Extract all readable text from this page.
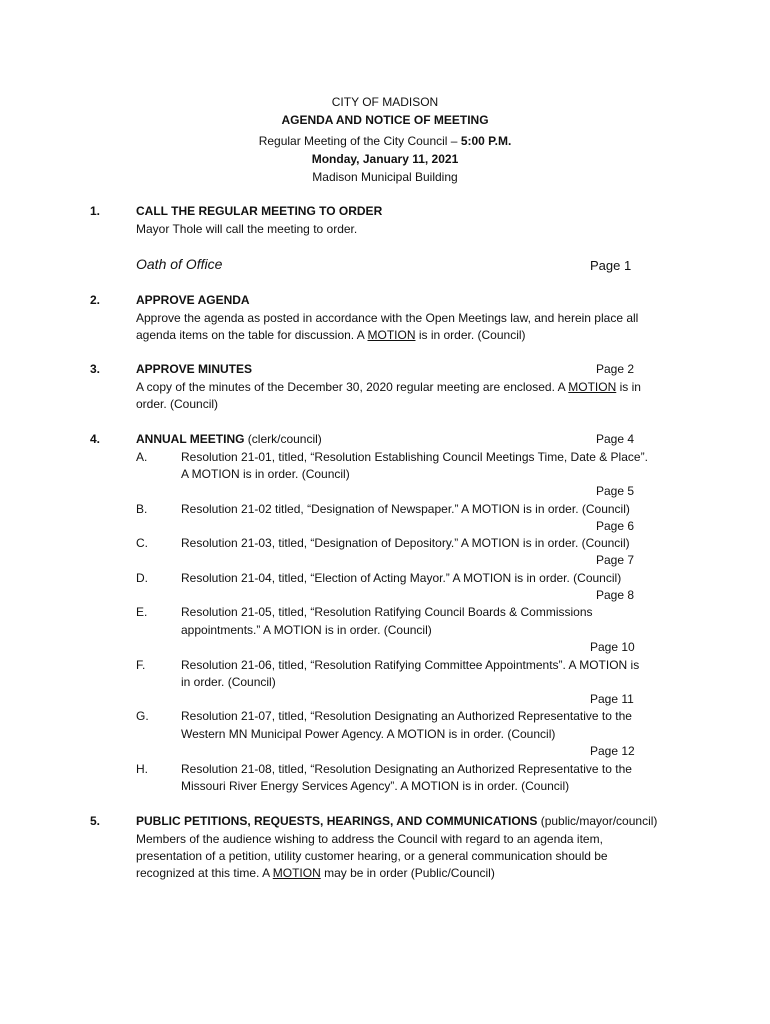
CITY OF MADISON
AGENDA AND NOTICE OF MEETING
Regular Meeting of the City Council – 5:00 P.M.
Monday, January 11, 2021
Madison Municipal Building
1.	CALL THE REGULAR MEETING TO ORDER
Mayor Thole will call the meeting to order.
Oath of Office	Page 1
2.	APPROVE AGENDA
Approve the agenda as posted in accordance with the Open Meetings law, and herein place all
agenda items on the table for discussion. A MOTION is in order. (Council)
3.	APPROVE MINUTES	Page 2
A copy of the minutes of the December 30, 2020 regular meeting are enclosed. A MOTION is in
order. (Council)
4.	ANNUAL MEETING (clerk/council)	Page 4
A.	Resolution 21-01, titled, “Resolution Establishing Council Meetings Time, Date & Place”.
A MOTION is in order. (Council)
Page 5
B.	Resolution 21-02 titled, “Designation of Newspaper.” A MOTION is in order. (Council)
Page 6
C.	Resolution 21-03, titled, “Designation of Depository.” A MOTION is in order. (Council)
Page 7
D.	Resolution 21-04, titled, “Election of Acting Mayor.” A MOTION is in order. (Council)
Page 8
E.	Resolution 21-05, titled, “Resolution Ratifying Council Boards & Commissions
appointments.” A MOTION is in order. (Council)
Page 10
F.	Resolution 21-06, titled, “Resolution Ratifying Committee Appointments”. A MOTION is
in order. (Council)
Page 11
G.	Resolution 21-07, titled, “Resolution Designating an Authorized Representative to the
Western MN Municipal Power Agency. A MOTION is in order. (Council)
Page 12
H.	Resolution 21-08, titled, “Resolution Designating an Authorized Representative to the
Missouri River Energy Services Agency”. A MOTION is in order. (Council)
5.	PUBLIC PETITIONS, REQUESTS, HEARINGS, AND COMMUNICATIONS (public/mayor/council)
Members of the audience wishing to address the Council with regard to an agenda item,
presentation of a petition, utility customer hearing, or a general communication should be
recognized at this time. A MOTION may be in order (Public/Council)
